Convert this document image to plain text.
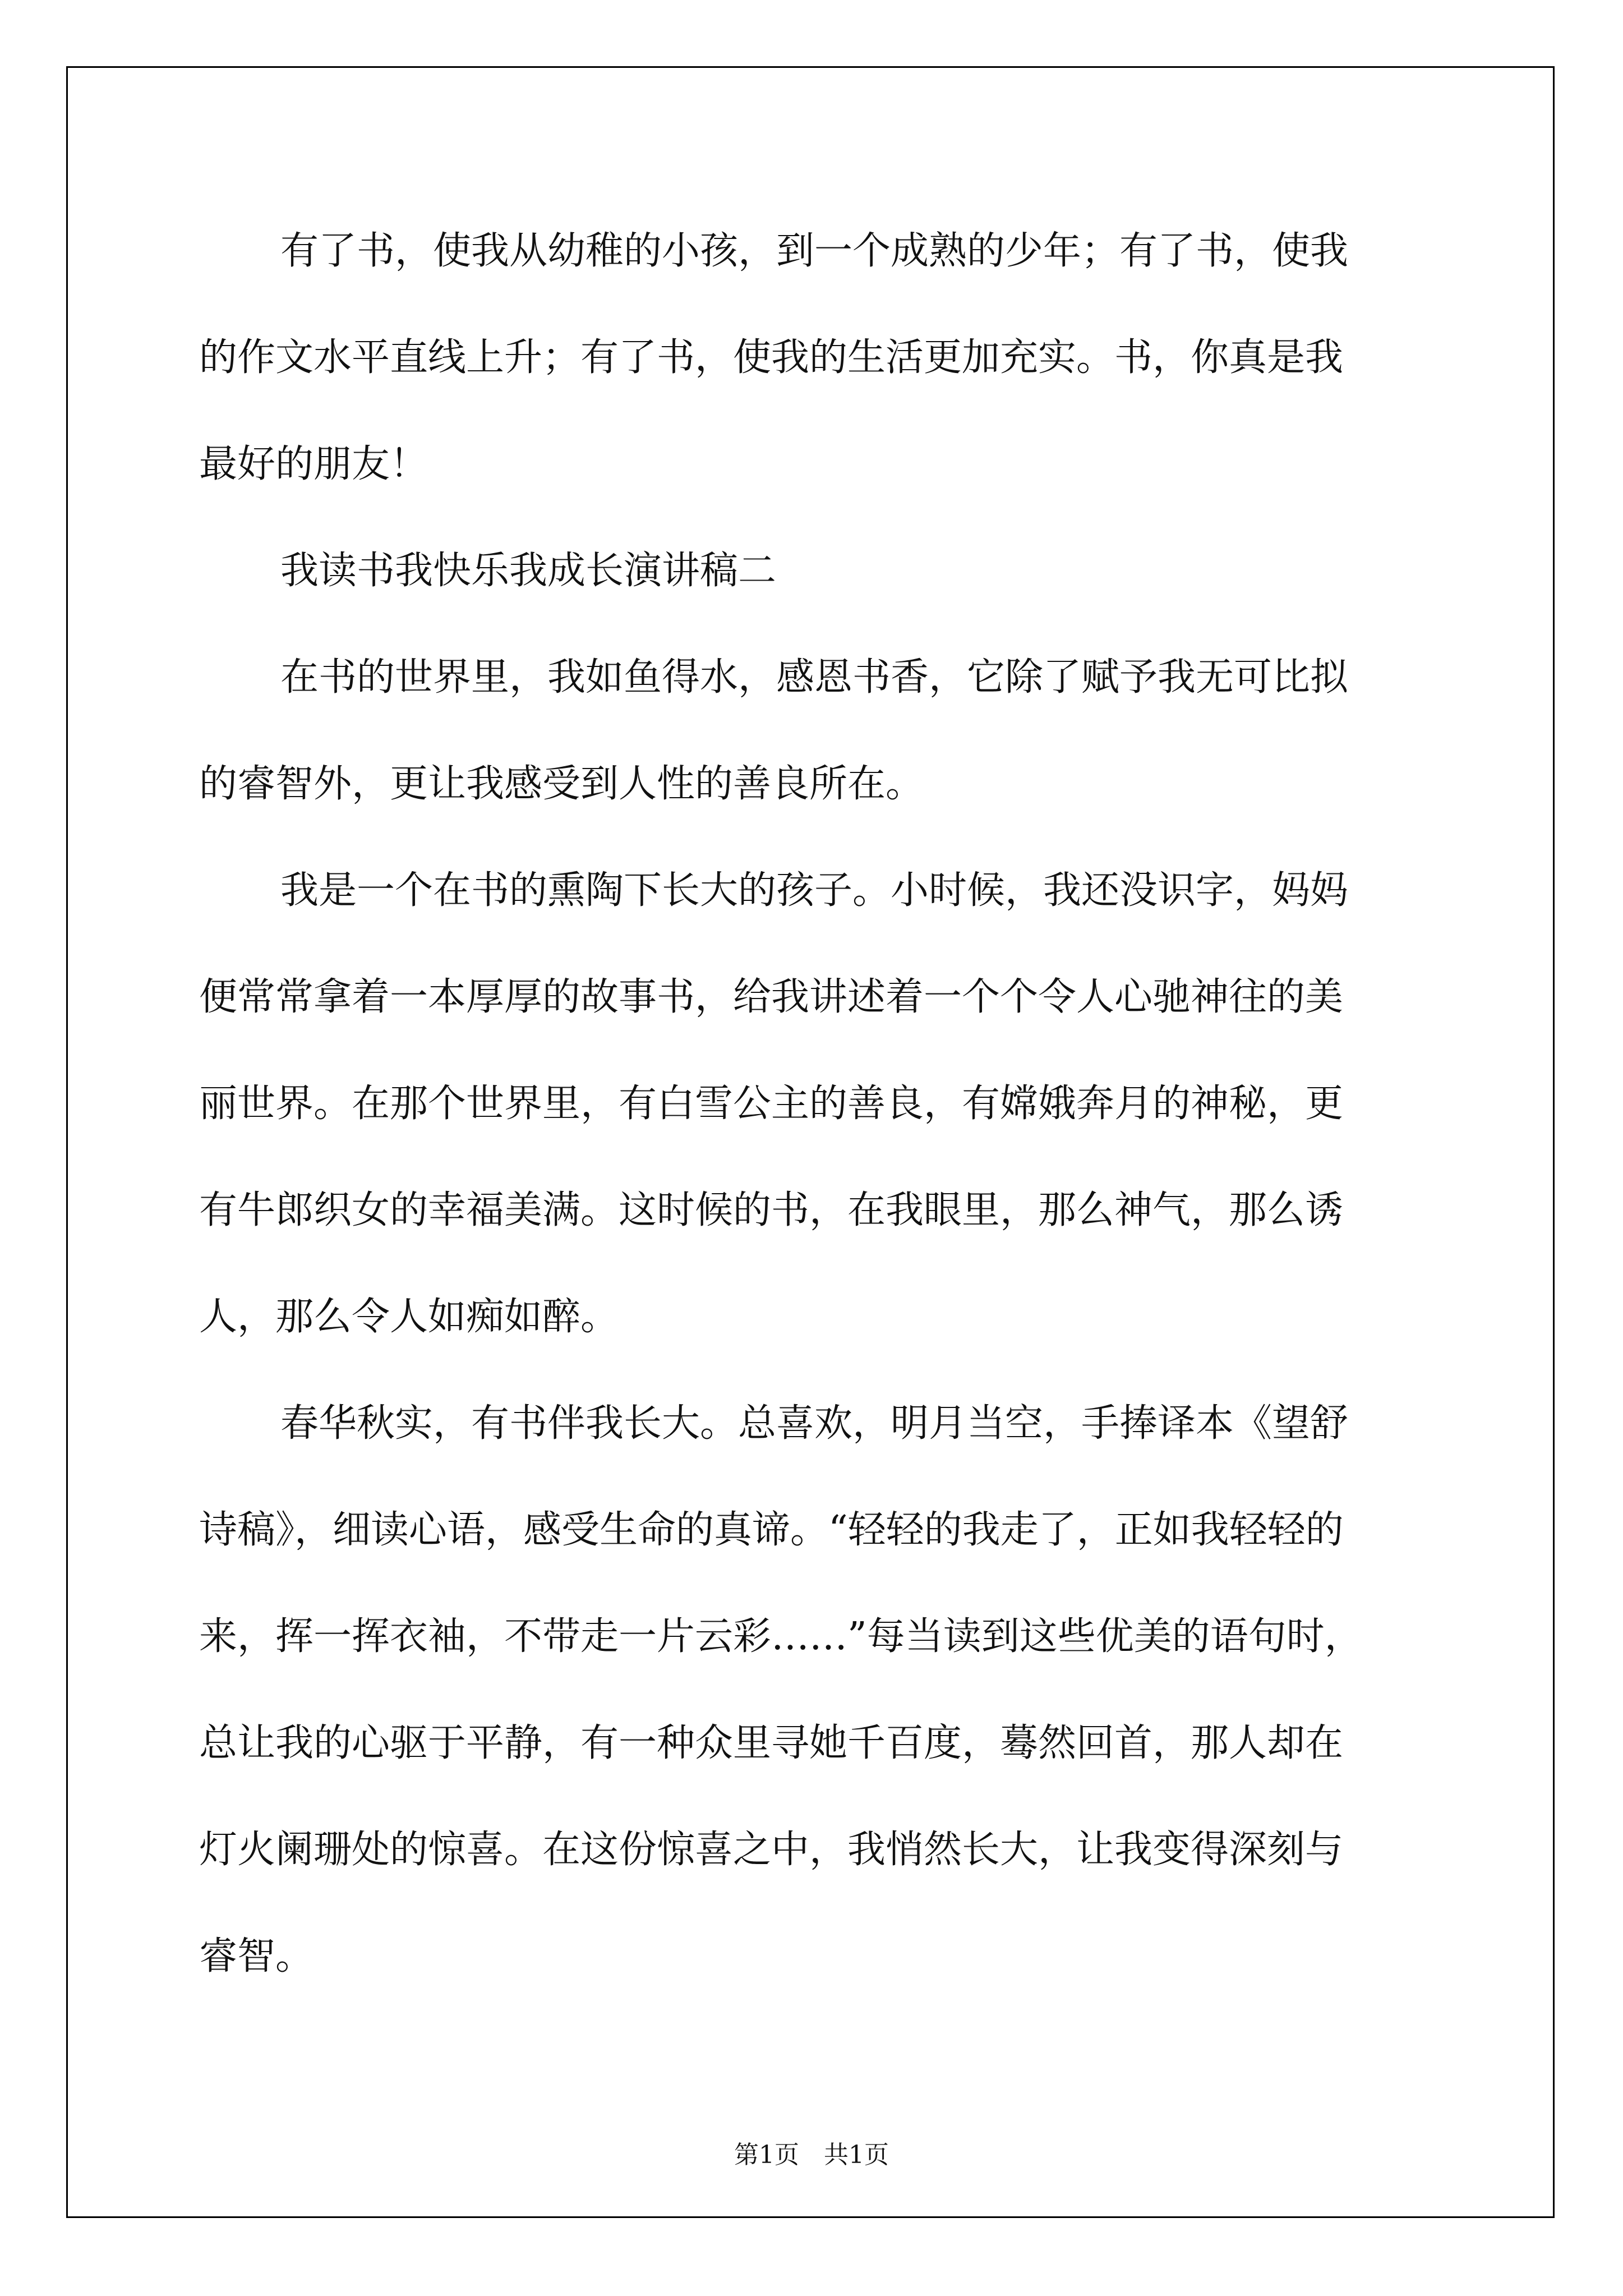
有了书，使我从幼稚的小孩，到一个成熟的少年；有了书，使我

的作文水平直线上升；有了书，使我的生活更加充实。书，你真是我

最好的朋友！

我读书我快乐我成长演讲稿二

在书的世界里，我如鱼得水，感恩书香，它除了赋予我无可比拟

的睿智外，更让我感受到人性的善良所在。

我是一个在书的熏陶下长大的孩子。小时候，我还没识字，妈妈

便常常拿着一本厚厚的故事书，给我讲述着一个个令人心驰神往的美

丽世界。在那个世界里，有白雪公主的善良，有嫦娥奔月的神秘，更

有牛郎织女的幸福美满。这时候的书，在我眼里，那么神气，那么诱

人，那么令人如痴如醉。

春华秋实，有书伴我长大。总喜欢，明月当空，手捧译本《望舒

诗稿》，细读心语，感受生命的真谛。“轻轻的我走了，正如我轻轻的

来，挥一挥衣袖，不带走一片云彩……”每当读到这些优美的语句时，

总让我的心驱于平静，有一种众里寻她千百度，蓦然回首，那人却在

灯火阑珊处的惊喜。在这份惊喜之中，我悄然长大，让我变得深刻与

睿智。

第1页　共1页
